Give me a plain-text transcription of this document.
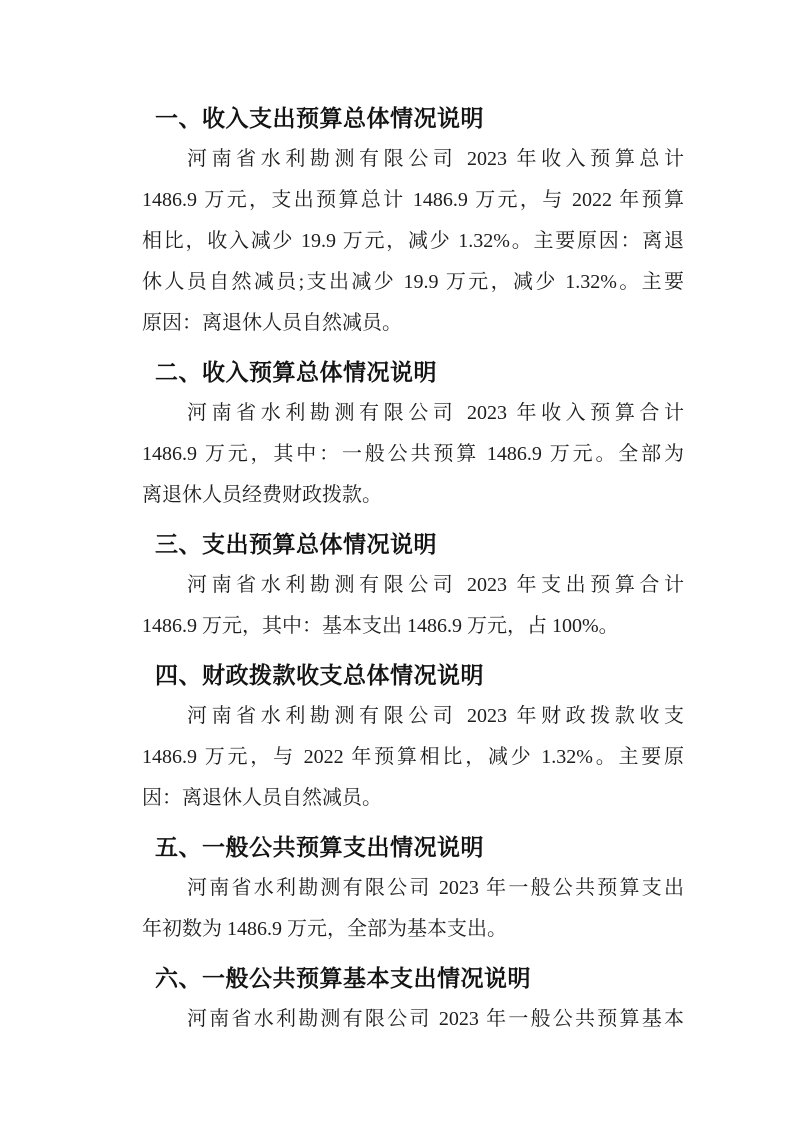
一、收入支出预算总体情况说明
河南省水利勘测有限公司 2023 年收入预算总计
1486.9 万元，支出预算总计 1486.9 万元，与 2022 年预算
相比，收入减少 19.9 万元，减少 1.32%。主要原因：离退
休人员自然减员;支出减少 19.9 万元，减少 1.32%。主要
原因：离退休人员自然减员。
二、收入预算总体情况说明
河南省水利勘测有限公司 2023 年收入预算合计
1486.9 万元，其中：一般公共预算 1486.9 万元。全部为
离退休人员经费财政拨款。
三、支出预算总体情况说明
河南省水利勘测有限公司 2023 年支出预算合计
1486.9 万元，其中：基本支出 1486.9 万元，占 100%。
四、财政拨款收支总体情况说明
河南省水利勘测有限公司 2023 年财政拨款收支
1486.9 万元，与 2022 年预算相比，减少 1.32%。主要原
因：离退休人员自然减员。
五、一般公共预算支出情况说明
河南省水利勘测有限公司 2023 年一般公共预算支出
年初数为 1486.9 万元，全部为基本支出。
六、一般公共预算基本支出情况说明
河南省水利勘测有限公司 2023 年一般公共预算基本
